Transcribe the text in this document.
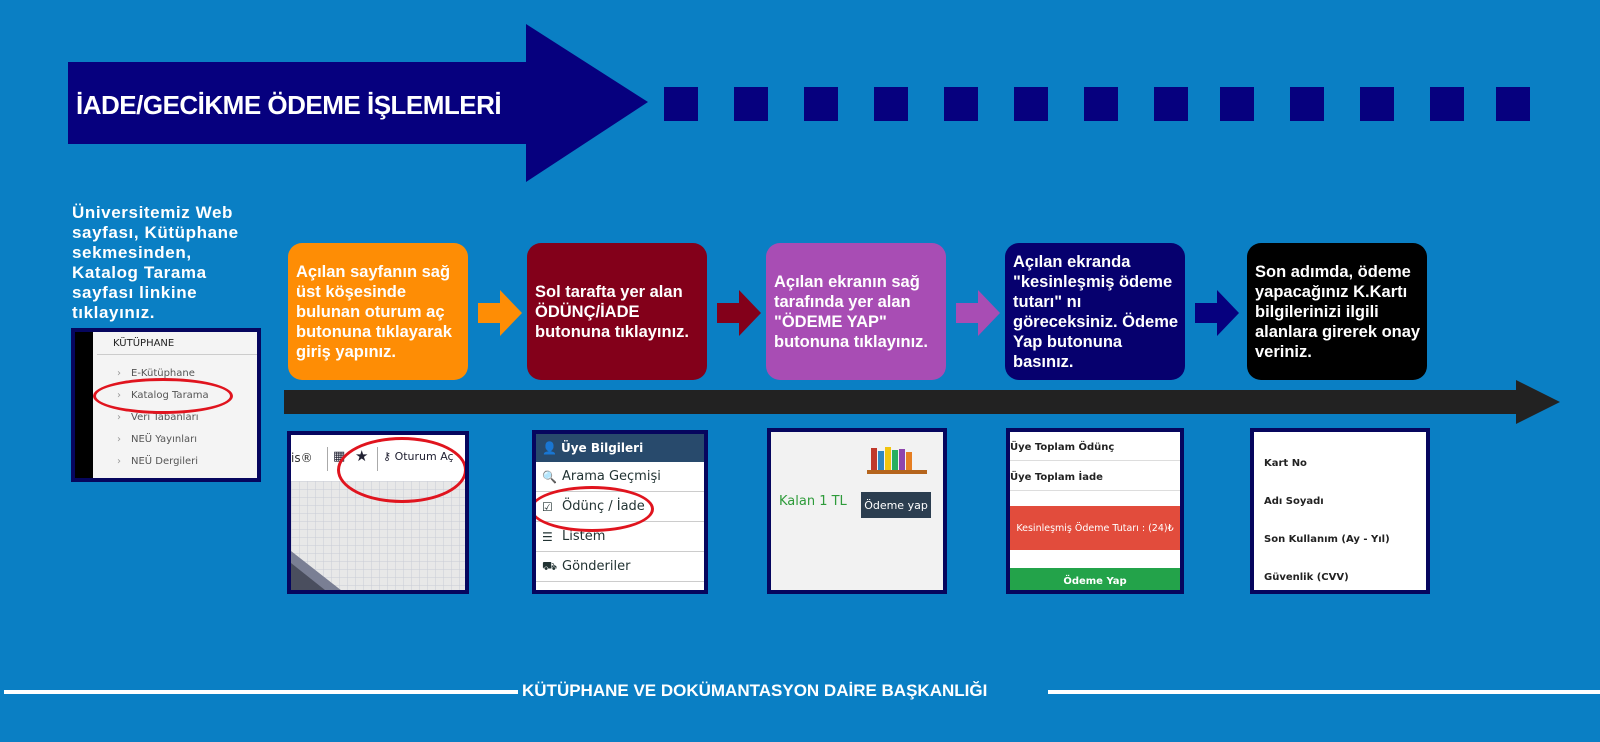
İADE/GECİKME ÖDEME İŞLEMLERİ
Üniversitemiz Web sayfası, Kütüphane sekmesinden, Katalog Tarama sayfası linkine tıklayınız.
KÜTÜPHANE
› E-Kütüphane
› Katalog Tarama
› Veri Tabanları
› NEÜ Yayınları
› NEÜ Dergileri
Açılan sayfanın sağ üst köşesinde bulunan oturum aç butonuna tıklayarak giriş yapınız.
Sol tarafta yer alan ÖDÜNÇ/İADE butonuna tıklayınız.
Açılan ekranın sağ tarafında yer alan "ÖDEME YAP" butonuna tıklayınız.
Açılan ekranda "kesinleşmiş ödeme tutarı" nı göreceksiniz. Ödeme Yap butonuna basınız.
Son adımda, ödeme yapacağınız K.Kartı bilgilerinizi ilgili alanlara girerek onay veriniz.
is® ▦ ★ ⚷ Oturum Aç
👤 Üye Bilgileri
🔍 Arama Geçmişi
☑ Ödünç / İade
☰ Listem
⛟ Gönderiler
Kalan 1 TL Ödeme yap
Üye Toplam Ödünç
Üye Toplam İade
Kesinleşmiş Ödeme Tutarı : (24)₺
Ödeme Yap
Kart No
Adı Soyadı
Son Kullanım (Ay - Yıl)
Güvenlik (CVV)
KÜTÜPHANE VE DOKÜMANTASYON DAİRE BAŞKANLIĞI
